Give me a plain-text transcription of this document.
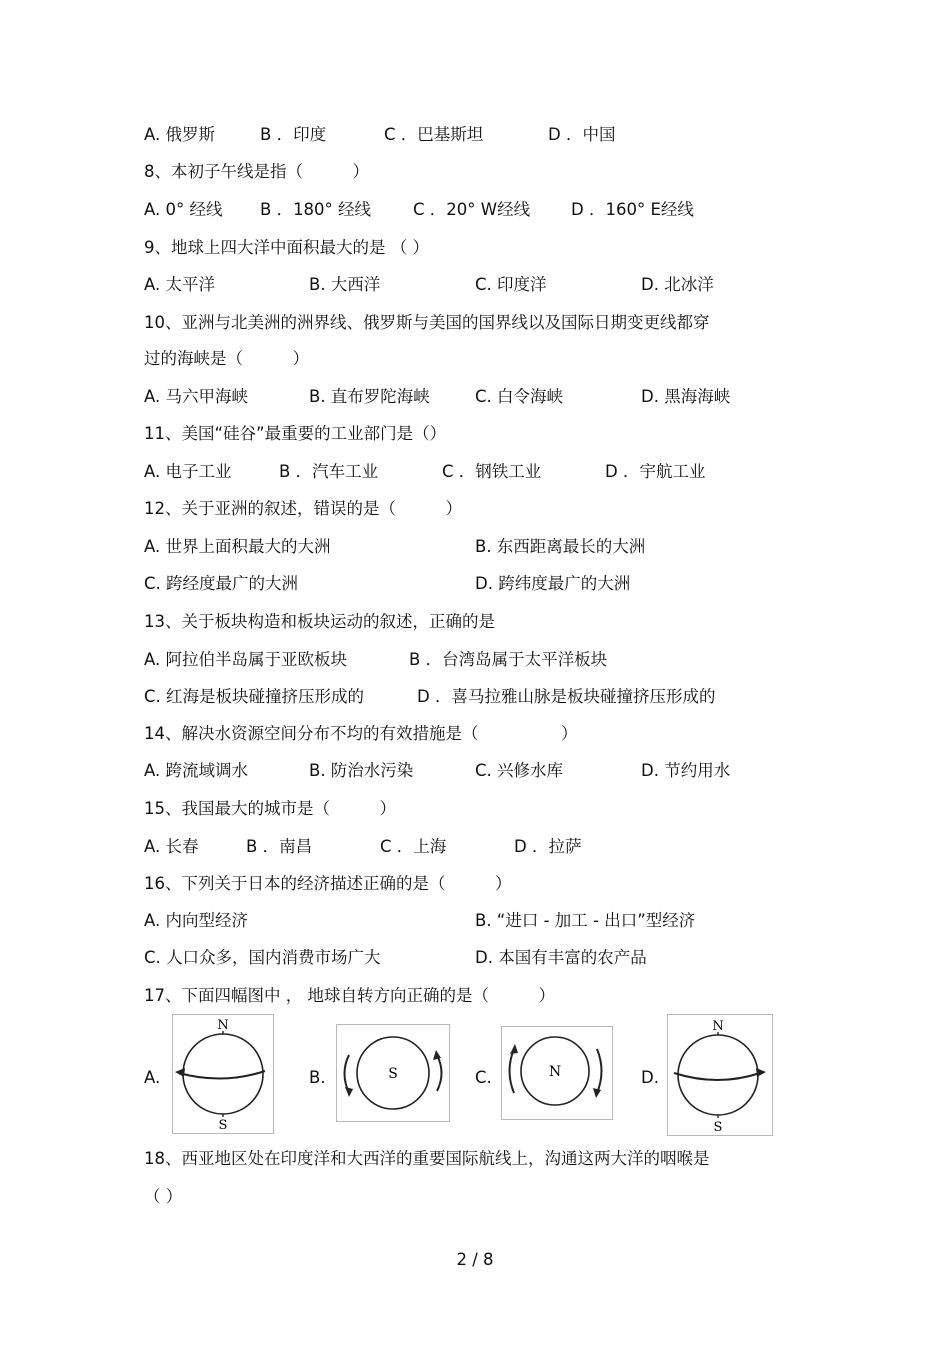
A. 俄罗斯	B ．印度	C ．巴基斯坦	D ．中国
8、本初子午线是指（　　　）
A. 0° 经线 B ．180° 经线	C ．20° W经线 D ．160° E经线
9、地球上四大洋中面积最大的是 （ ）
A. 太平洋	B. 大西洋	C. 印度洋	D. 北冰洋
10、亚洲与北美洲的洲界线、俄罗斯与美国的国界线以及国际日期变更线都穿
过的海峡是（　　　）
A. 马六甲海峡	B. 直布罗陀海峡	C. 白令海峡	D. 黑海海峡
11、美国“硅谷”最重要的工业部门是（）
A. 电子工业	B ．汽车工业	C ．钢铁工业	D ．宇航工业
12、关于亚洲的叙述，错误的是（　　　）
A. 世界上面积最大的大洲	B. 东西距离最长的大洲
C. 跨经度最广的大洲	D. 跨纬度最广的大洲
13、关于板块构造和板块运动的叙述，正确的是
A. 阿拉伯半岛属于亚欧板块	B ．台湾岛属于太平洋板块
C. 红海是板块碰撞挤压形成的	D ．喜马拉雅山脉是板块碰撞挤压形成的
14、解决水资源空间分布不均的有效措施是（　　　　　）
A. 跨流域调水	B. 防治水污染	C. 兴修水库	D. 节约用水
15、我国最大的城市是（　　　）
A. 长春	B ．南昌	C ．上海	D ．拉萨
16、下列关于日本的经济描述正确的是（　　　）
A. 内向型经济	B. “进口 - 加工 - 出口”型经济
C. 人口众多，国内消费市场广大	D. 本国有丰富的农产品
17、下面四幅图中 ， 地球自转方向正确的是（　　　）
A.
N
S
B.	S	C.	N	D.
N
S
18、西亚地区处在印度洋和大西洋的重要国际航线上，沟通这两大洋的咽喉是
（ ）
2 / 8
